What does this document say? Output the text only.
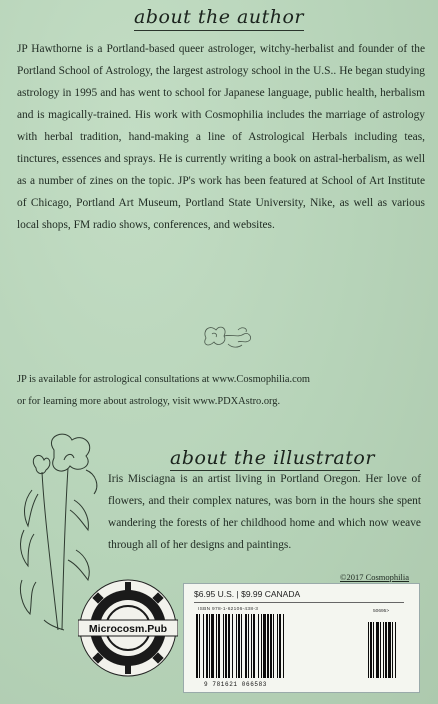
about the author

JP Hawthorne is a Portland-based queer astrologer, witchy-herbalist and founder of the Portland School of Astrology, the largest astrology school in the U.S.. He began studying astrology in 1995 and has went to school for Japanese language, public health, herbalism and is magically-trained. His work with Cosmophilia includes the marriage of astrology with herbal tradition, hand-making a line of Astrological Herbals including teas, tinctures, essences and sprays. He is currently writing a book on astral-herbalism, as well as a number of zines on the topic. JP's work has been featured at School of Art Institute of Chicago, Portland Art Museum, Portland State University, Nike, as well as various local shops, FM radio shows, conferences, and websites.

JP is available for astrological consultations at www.Cosmophilia.com

or for learning more about astrology, visit www.PDXAstro.org.

about the illustrator

Iris Misciagna is an artist living in Portland Oregon. Her love of flowers, and their complex natures, was born in the hours she spent wandering the forests of her childhood home and which now weave through all of her designs and paintings.

©2017 Cosmophilia
Microcosm.Pub
$6.95 U.S. | $9.99 CANADA
ISBN 978-1-62106-438-3	50695>
9 781621 066583
